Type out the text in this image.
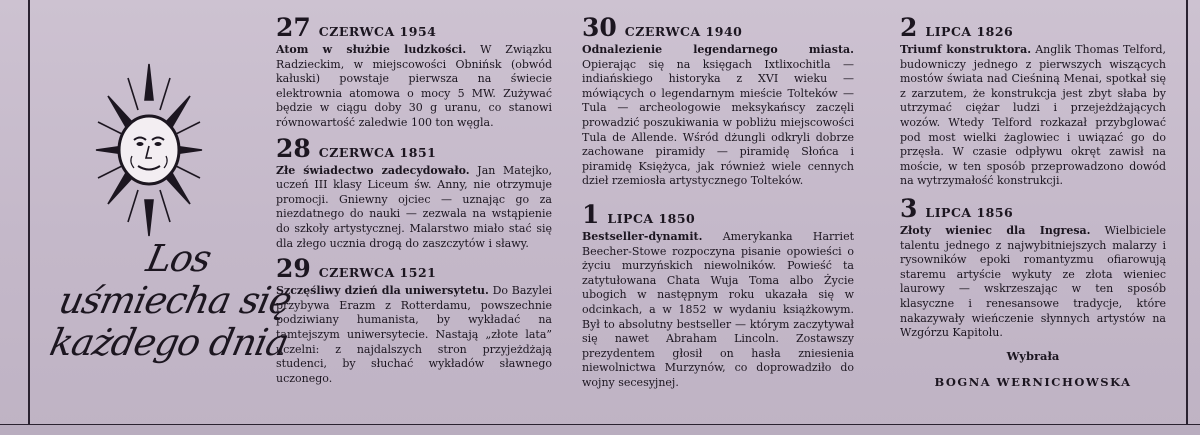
Los
uśmiecha się
każdego dnia
27 CZERWCA 1954
Atom w służbie ludzkości. W Związku Radzieckim, w miejscowości Obnińsk (obwód kałuski) powstaje pierwsza na świecie elektrownia atomowa o mocy 5 MW. Zużywać będzie w ciągu doby 30 g uranu, co stanowi równowartość zaledwie 100 ton węgla.
28 CZERWCA 1851
Złe świadectwo zadecydowało. Jan Matejko, uczeń III klasy Liceum św. Anny, nie otrzymuje promocji. Gniewny ojciec — uznając go za niezdatnego do nauki — zezwala na wstąpienie do szkoły artystycznej. Malarstwo miało stać się dla złego ucznia drogą do zaszczytów i sławy.
29 CZERWCA 1521
Szczęśliwy dzień dla uniwersytetu. Do Bazylei przybywa Erazm z Rotterdamu, powszechnie podziwiany humanista, by wykładać na tamtejszym uniwersytecie. Nastają „złote lata” uczelni: z najdalszych stron przyjeżdżają studenci, by słuchać wykładów sławnego uczonego.
30 CZERWCA 1940
Odnalezienie legendarnego miasta. Opierając się na księgach Ixtlixochitla — indiańskiego historyka z XVI wieku — mówiących o legendarnym mieście Tolteków — Tula — archeologowie meksykańscy zaczęli prowadzić poszukiwania w pobliżu miejscowości Tula de Allende. Wśród dżungli odkryli dobrze zachowane piramidy — piramidę Słońca i piramidę Księżyca, jak również wiele cennych dzieł rzemiosła artystycznego Tolteków.
1 LIPCA 1850
Bestseller-dynamit. Amerykanka Harriet Beecher-Stowe rozpoczyna pisanie opowieści o życiu murzyńskich niewolników. Powieść ta zatytułowana Chata Wuja Toma albo Życie ubogich w następnym roku ukazała się w odcinkach, a w 1852 w wydaniu książkowym. Był to absolutny bestseller — którym zaczytywał się nawet Abraham Lincoln. Zostawszy prezydentem głosił on hasła zniesienia niewolnictwa Murzynów, co doprowadziło do wojny secesyjnej.
2 LIPCA 1826
Triumf konstruktora. Anglik Thomas Telford, budowniczy jednego z pierwszych wiszących mostów świata nad Cieśniną Menai, spotkał się z zarzutem, że konstrukcja jest zbyt słaba by utrzymać ciężar ludzi i przejeżdżających wozów. Wtedy Telford rozkazał przybglować pod most wielki żaglowiec i uwiązać go do przęsła. W czasie odpływu okręt zawisł na moście, w ten sposób przeprowadzono dowód na wytrzymałość konstrukcji.
3 LIPCA 1856
Złoty wieniec dla Ingresa. Wielbiciele talentu jednego z najwybitniejszych malarzy i rysowników epoki romantyzmu ofiarowują staremu artyście wykuty ze złota wieniec laurowy — wskrzeszając w ten sposób klasyczne i renesansowe tradycje, które nakazywały wieńczenie słynnych artystów na Wzgórzu Kapitolu.
Wybrała
BOGNA WERNICHOWSKA
